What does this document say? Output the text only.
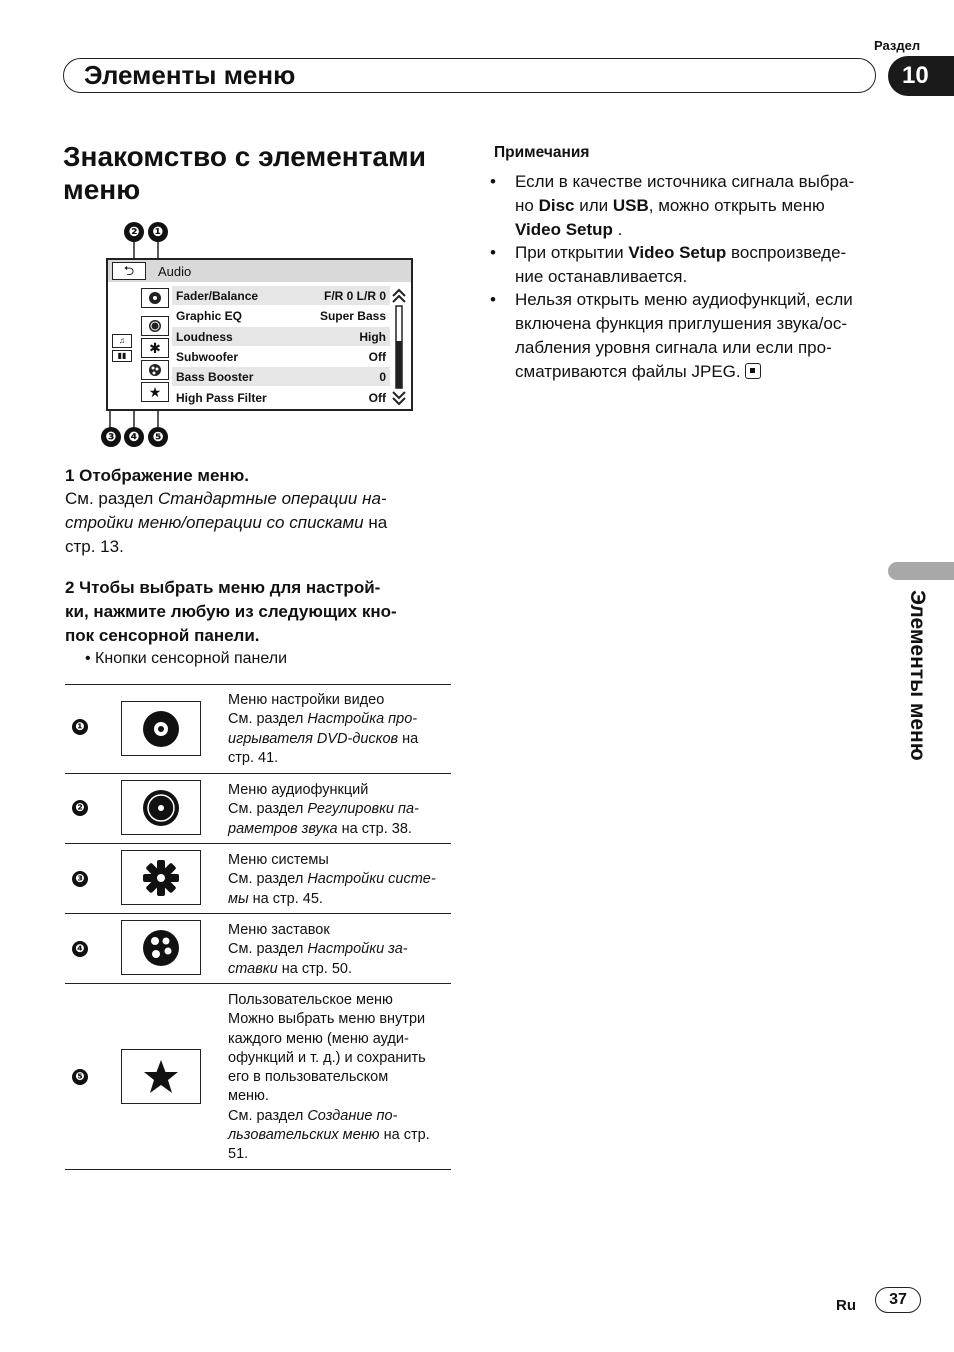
Раздел
Элементы меню	10
Знакомство с элементами меню
❷ ❶
⮌	Audio
✱
★
Fader/Balance	F/R 0 L/R 0
Graphic EQ	Super Bass
Loudness	High
Subwoofer	Off
Bass Booster	0
High Pass Filter	Off
♫
▮▮
❸ ❹ ❺
1 Отображение меню.
См. раздел Стандартные операции на-
стройки меню/операции со списками на
стр. 13.
2 Чтобы выбрать меню для настрой-
ки, нажмите любую из следующих кно-
пок сенсорной панели.
• Кнопки сенсорной панели
❶
Меню настройки видео
См. раздел Настройка про-
игрывателя DVD-дисков на
стр. 41.
❷
Меню аудиофункций
См. раздел Регулировки па-
раметров звука на стр. 38.
❸
Меню системы
См. раздел Настройки систе-
мы на стр. 45.
❹
Меню заставок
См. раздел Настройки за-
ставки на стр. 50.
❺
Пользовательское меню
Можно выбрать меню внутри
каждого меню (меню ауди-
офункций и т. д.) и сохранить
его в пользовательском
меню.
См. раздел Создание по-
льзовательских меню на стр.
51.
Примечания
• Если в качестве источника сигнала выбра-
но Disc или USB, можно открыть меню
Video Setup .
• При открытии Video Setup воспроизведе-
ние останавливается.
• Нельзя открыть меню аудиофункций, если
включена функция приглушения звука/ос-
лабления уровня сигнала или если про-
сматриваются файлы JPEG.
Элементы меню
Ru	37
